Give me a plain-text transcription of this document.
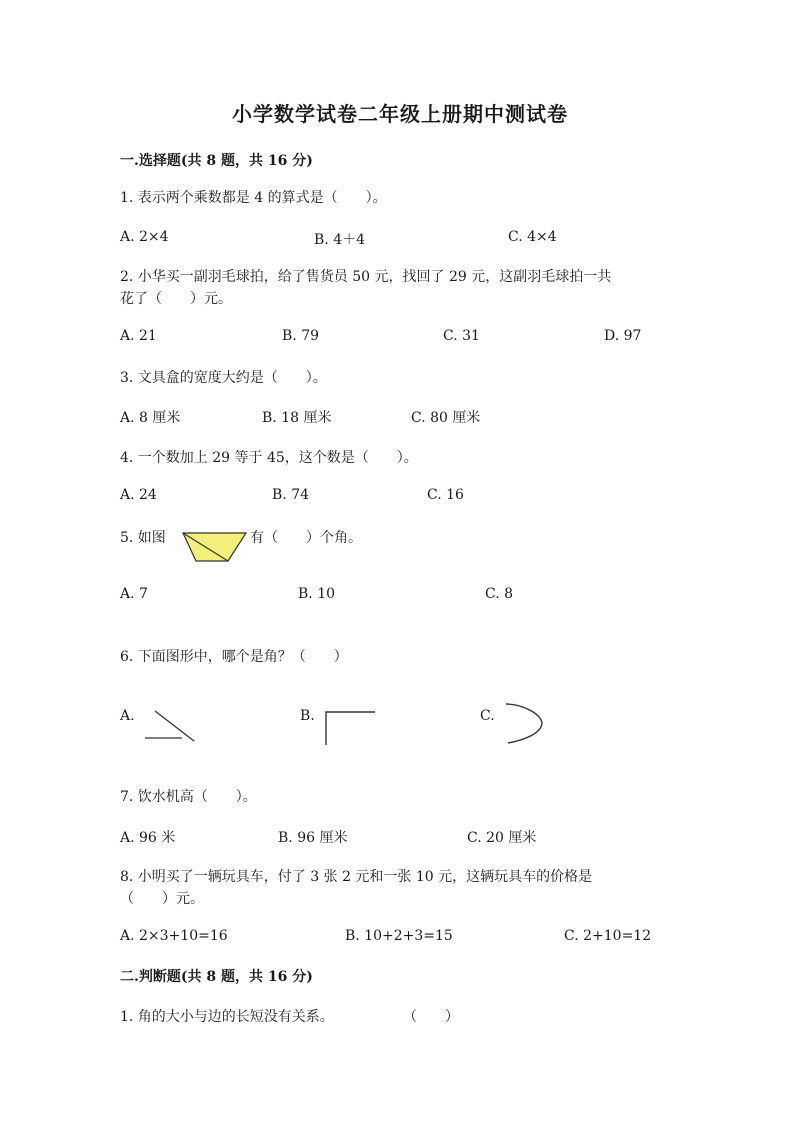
小学数学试卷二年级上册期中测试卷
一.选择题(共 8 题，共 16 分)
1. 表示两个乘数都是 4 的算式是（　　）。
A. 2×4	B. 4＋4	C. 4×4
2. 小华买一副羽毛球拍，给了售货员 50 元，找回了 29 元，这副羽毛球拍一共
花了（　　）元。
A. 21	B. 79	C. 31	D. 97
3. 文具盒的宽度大约是（　　）。
A. 8 厘米	B. 18 厘米	C. 80 厘米
4. 一个数加上 29 等于 45，这个数是（　　）。
A. 24	B. 74	C. 16
5. 如图	有（　　）个角。
A. 7	B. 10	C. 8
6. 下面图形中，哪个是角？（　　）
A.	B.	C.
7. 饮水机高（　　）。
A. 96 米	B. 96 厘米	C. 20 厘米
8. 小明买了一辆玩具车，付了 3 张 2 元和一张 10 元，这辆玩具车的价格是
（　　）元。
A. 2×3+10=16	B. 10+2+3=15	C. 2+10=12
二.判断题(共 8 题，共 16 分)
1. 角的大小与边的长短没有关系。	（　　）
